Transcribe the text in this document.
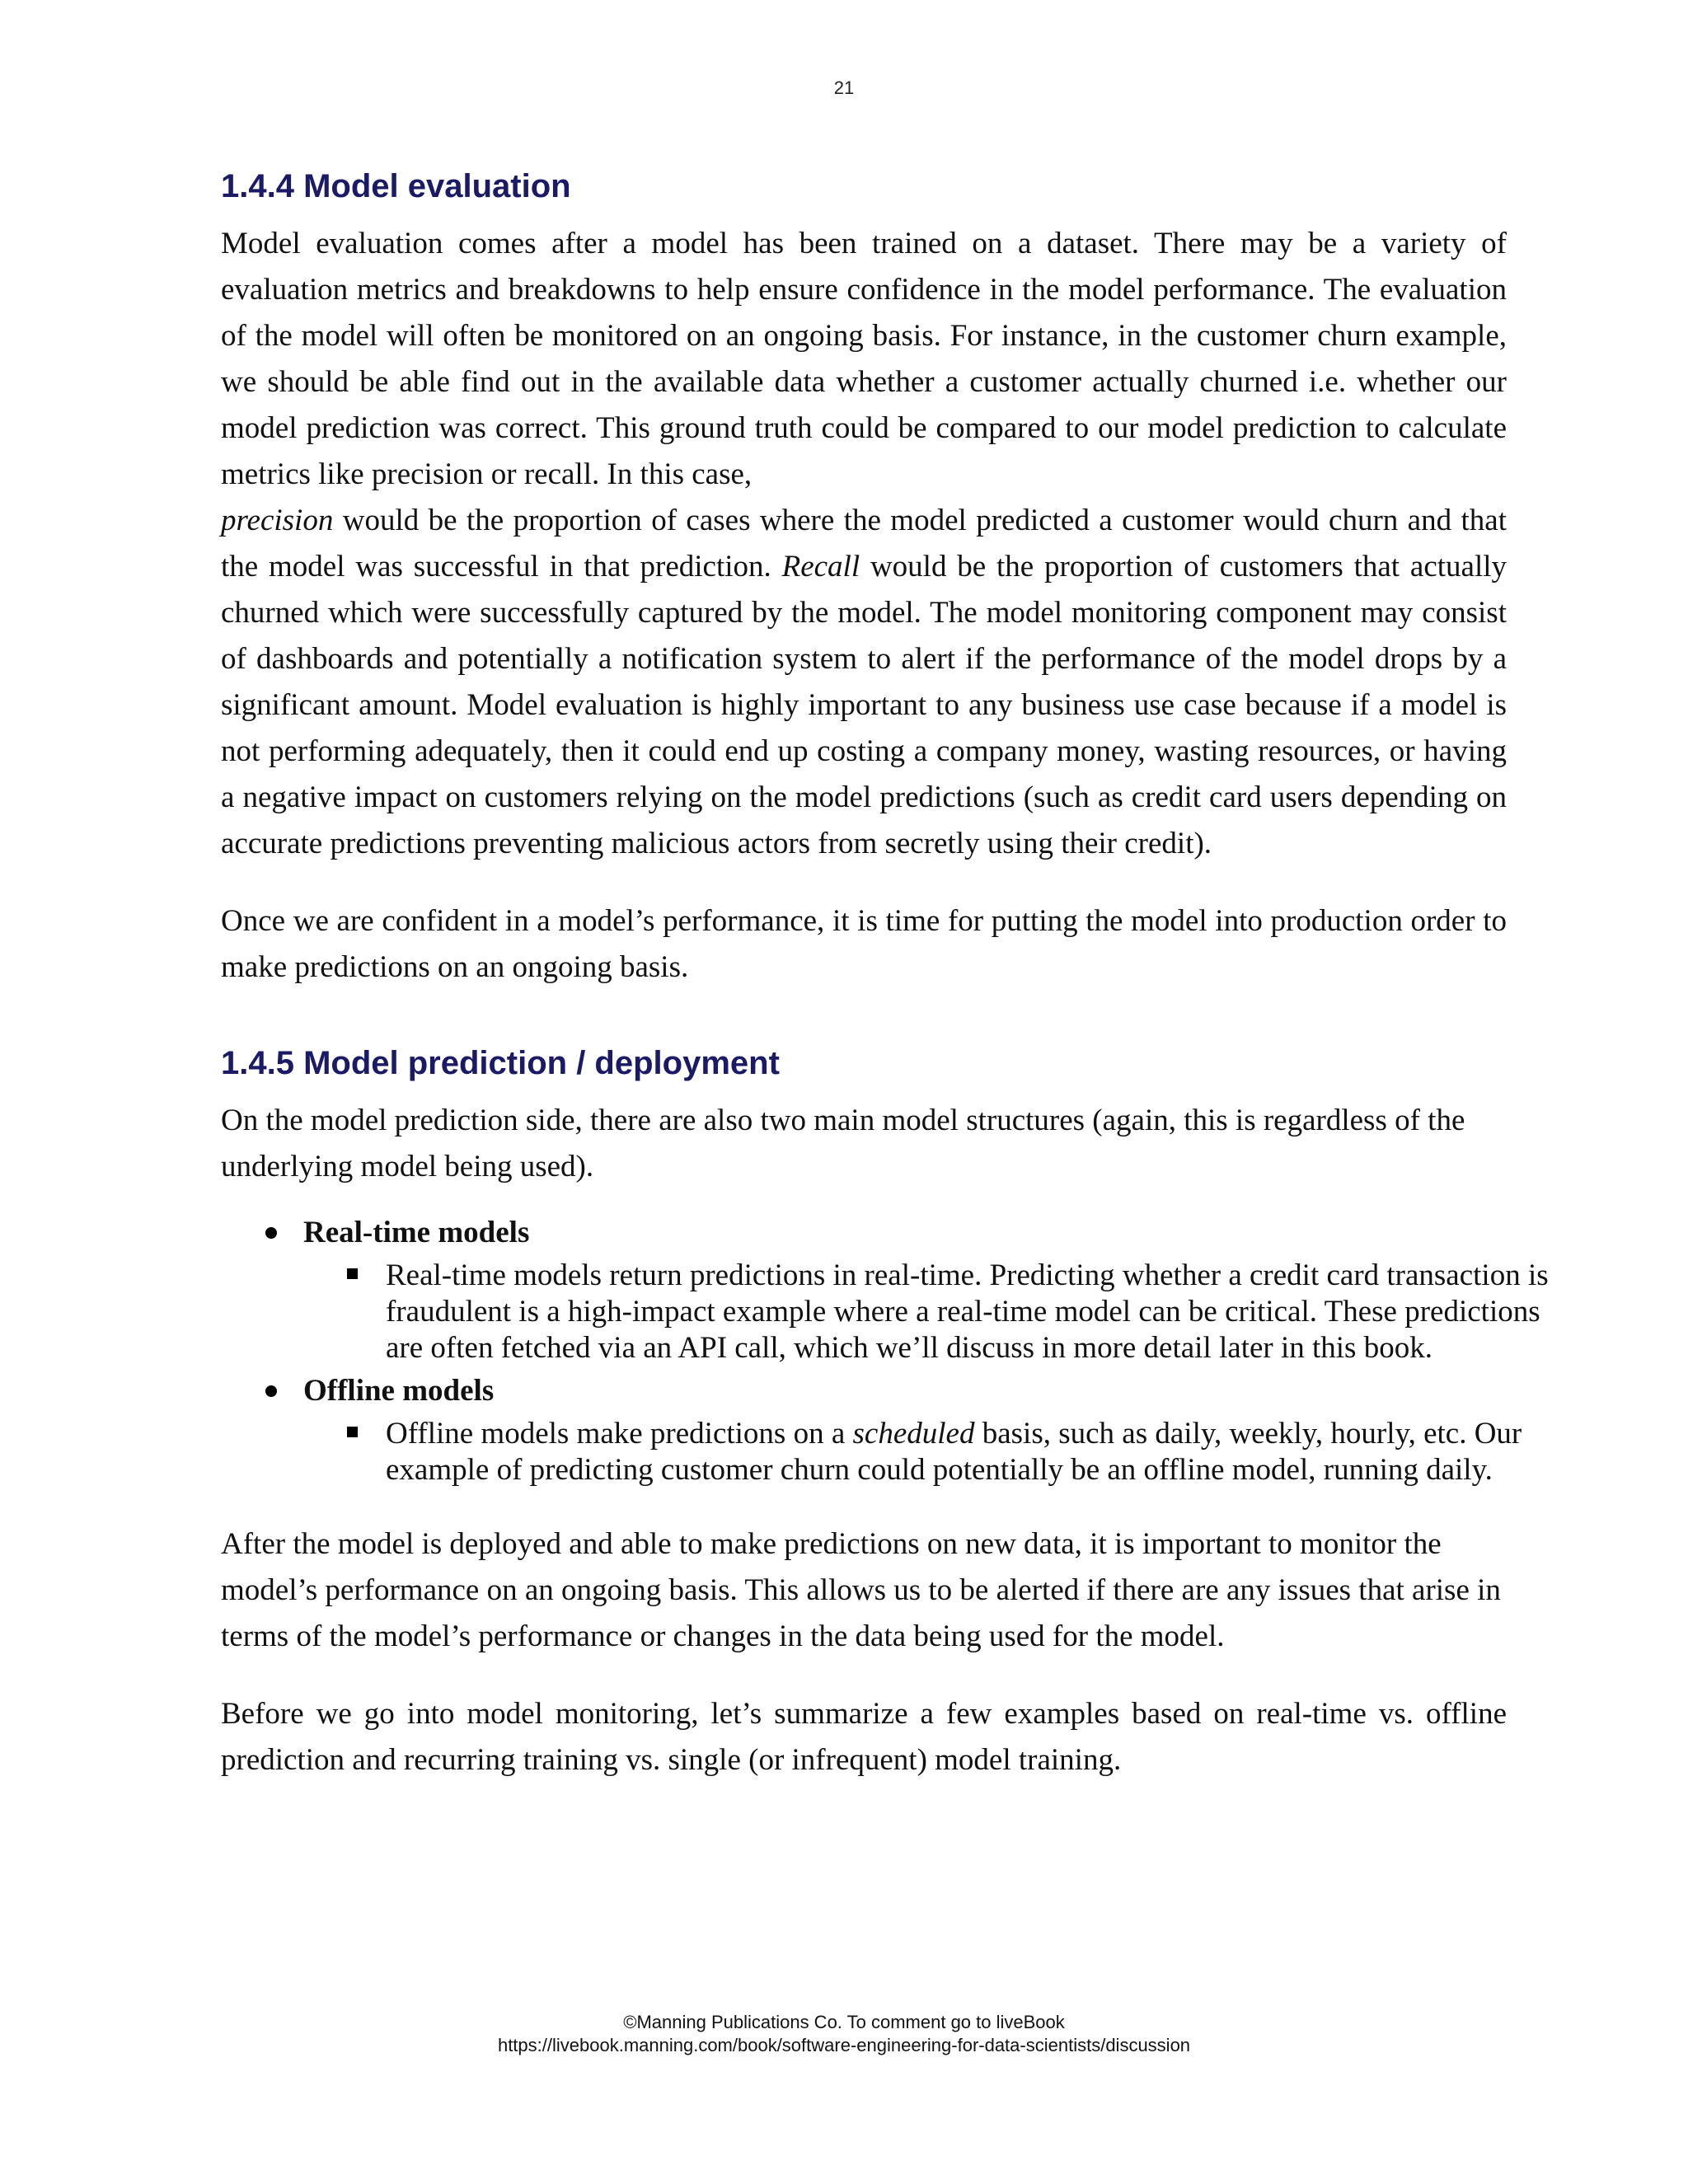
21
1.4.4 Model evaluation

Model evaluation comes after a model has been trained on a dataset. There may be a variety of evaluation metrics and breakdowns to help ensure confidence in the model performance. The evaluation of the model will often be monitored on an ongoing basis. For instance, in the customer churn example, we should be able find out in the available data whether a customer actually churned i.e. whether our model prediction was correct. This ground truth could be compared to our model prediction to calculate metrics like precision or recall. In this case,
precision would be the proportion of cases where the model predicted a customer would churn and that the model was successful in that prediction. Recall would be the proportion of customers that actually churned which were successfully captured by the model. The model monitoring component may consist of dashboards and potentially a notification system to alert if the performance of the model drops by a significant amount. Model evaluation is highly important to any business use case because if a model is not performing adequately, then it could end up costing a company money, wasting resources, or having a negative impact on customers relying on the model predictions (such as credit card users depending on accurate predictions preventing malicious actors from secretly using their credit).

Once we are confident in a model’s performance, it is time for putting the model into production order to make predictions on an ongoing basis.

1.4.5 Model prediction / deployment

On the model prediction side, there are also two main model structures (again, this is regardless of the underlying model being used).

Real-time models
Real-time models return predictions in real-time. Predicting whether a credit card transaction is fraudulent is a high-impact example where a real-time model can be critical. These predictions are often fetched via an API call, which we’ll discuss in more detail later in this book.
Offline models
Offline models make predictions on a scheduled basis, such as daily, weekly, hourly, etc. Our example of predicting customer churn could potentially be an offline model, running daily.

After the model is deployed and able to make predictions on new data, it is important to monitor the model’s performance on an ongoing basis. This allows us to be alerted if there are any issues that arise in terms of the model’s performance or changes in the data being used for the model.

Before we go into model monitoring, let’s summarize a few examples based on real-time vs. offline prediction and recurring training vs. single (or infrequent) model training.

©Manning Publications Co. To comment go to liveBook
https://livebook.manning.com/book/software-engineering-for-data-scientists/discussion
